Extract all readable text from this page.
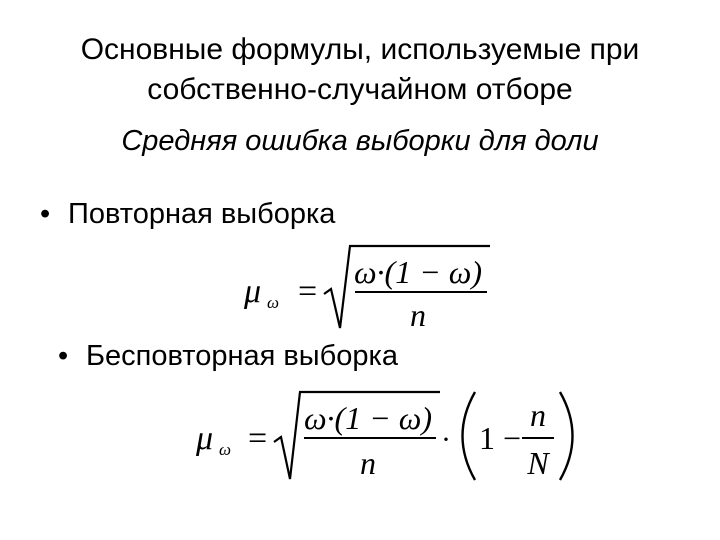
Основные формулы, используемые при
собственно-случайном отборе
Средняя ошибка выборки для доли
• Повторная выборка
μ ω =
ω·(1 − ω)
n
• Бесповторная выборка
μ ω =
ω·(1 − ω)
n
· 1 −
n
N
